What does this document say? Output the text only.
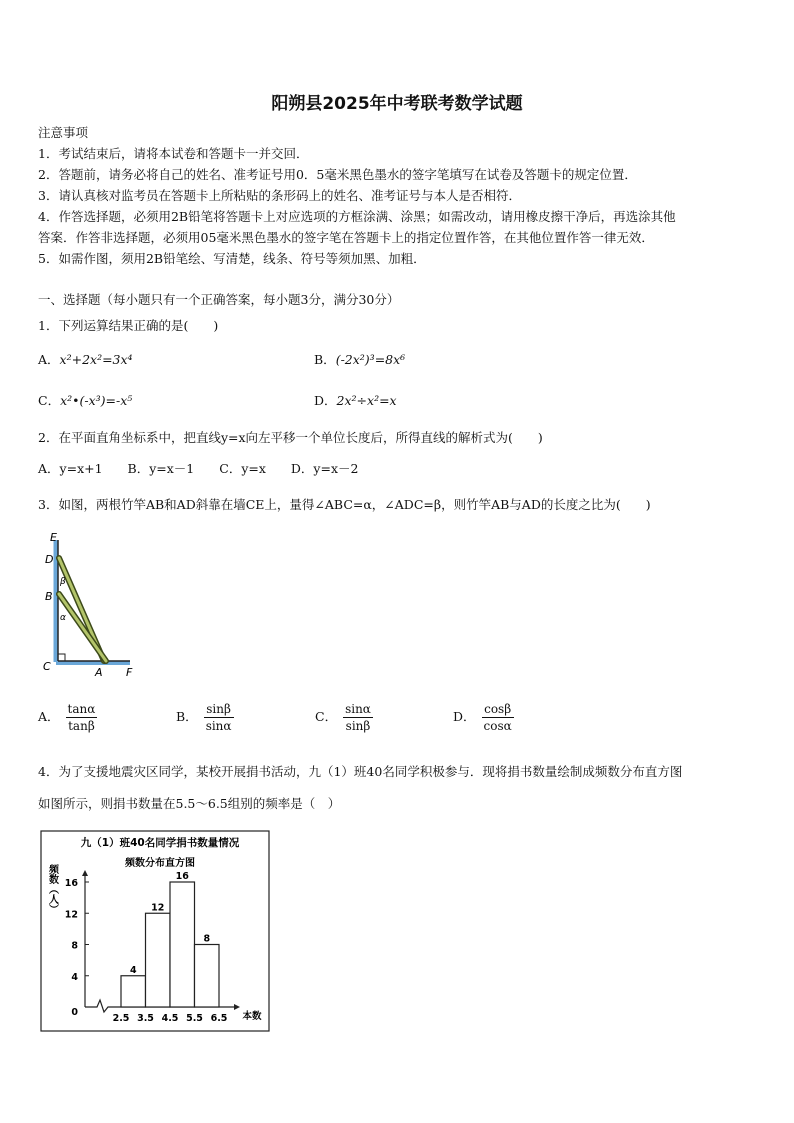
阳朔县2025年中考联考数学试题
注意事项
1．考试结束后，请将本试卷和答题卡一并交回．
2．答题前，请务必将自己的姓名、准考证号用0．5毫米黑色墨水的签字笔填写在试卷及答题卡的规定位置．
3．请认真核对监考员在答题卡上所粘贴的条形码上的姓名、准考证号与本人是否相符．
4．作答选择题，必须用2B铅笔将答题卡上对应选项的方框涂满、涂黑；如需改动，请用橡皮擦干净后，再选涂其他
答案．作答非选择题，必须用05毫米黑色墨水的签字笔在答题卡上的指定位置作答，在其他位置作答一律无效．
5．如需作图，须用2B铅笔绘、写清楚，线条、符号等须加黑、加粗．
一、选择题（每小题只有一个正确答案，每小题3分，满分30分）
1．下列运算结果正确的是(　　)
A．x²+2x²=3x⁴	B．(-2x²)³=8x⁶
C．x²•(-x³)=-x⁵	D．2x²÷x²=x
2．在平面直角坐标系中，把直线y=x向左平移一个单位长度后，所得直线的解析式为(　　)
A．y=x+1　　B．y=x－1　　C．y=x　　D．y=x－2
3．如图，两根竹竿AB和AD斜靠在墙CE上，量得∠ABC=α，∠ADC=β，则竹竿AB与AD的长度之比为(　　)
E
D
B
C	A F
β
α
A． $\frac{\tan\alpha}{\tan\beta}$	B． $\frac{\sin\beta}{\sin\alpha}$	C． $\frac{\sin\alpha}{\sin\beta}$	D． $\frac{\cos\beta}{\cos\alpha}$
4．为了支援地震灾区同学，某校开展捐书活动，九（1）班40名同学积极参与．现将捐书数量绘制成频数分布直方图
如图所示，则捐书数量在5.5～6.5组别的频率是（　）
九（1）班40名同学捐书数量情况
频数分布直方图
频数（人）
本数
0
4
8
12
16
2.5 3.5 4.5 5.5 6.5
4
12
16
8
